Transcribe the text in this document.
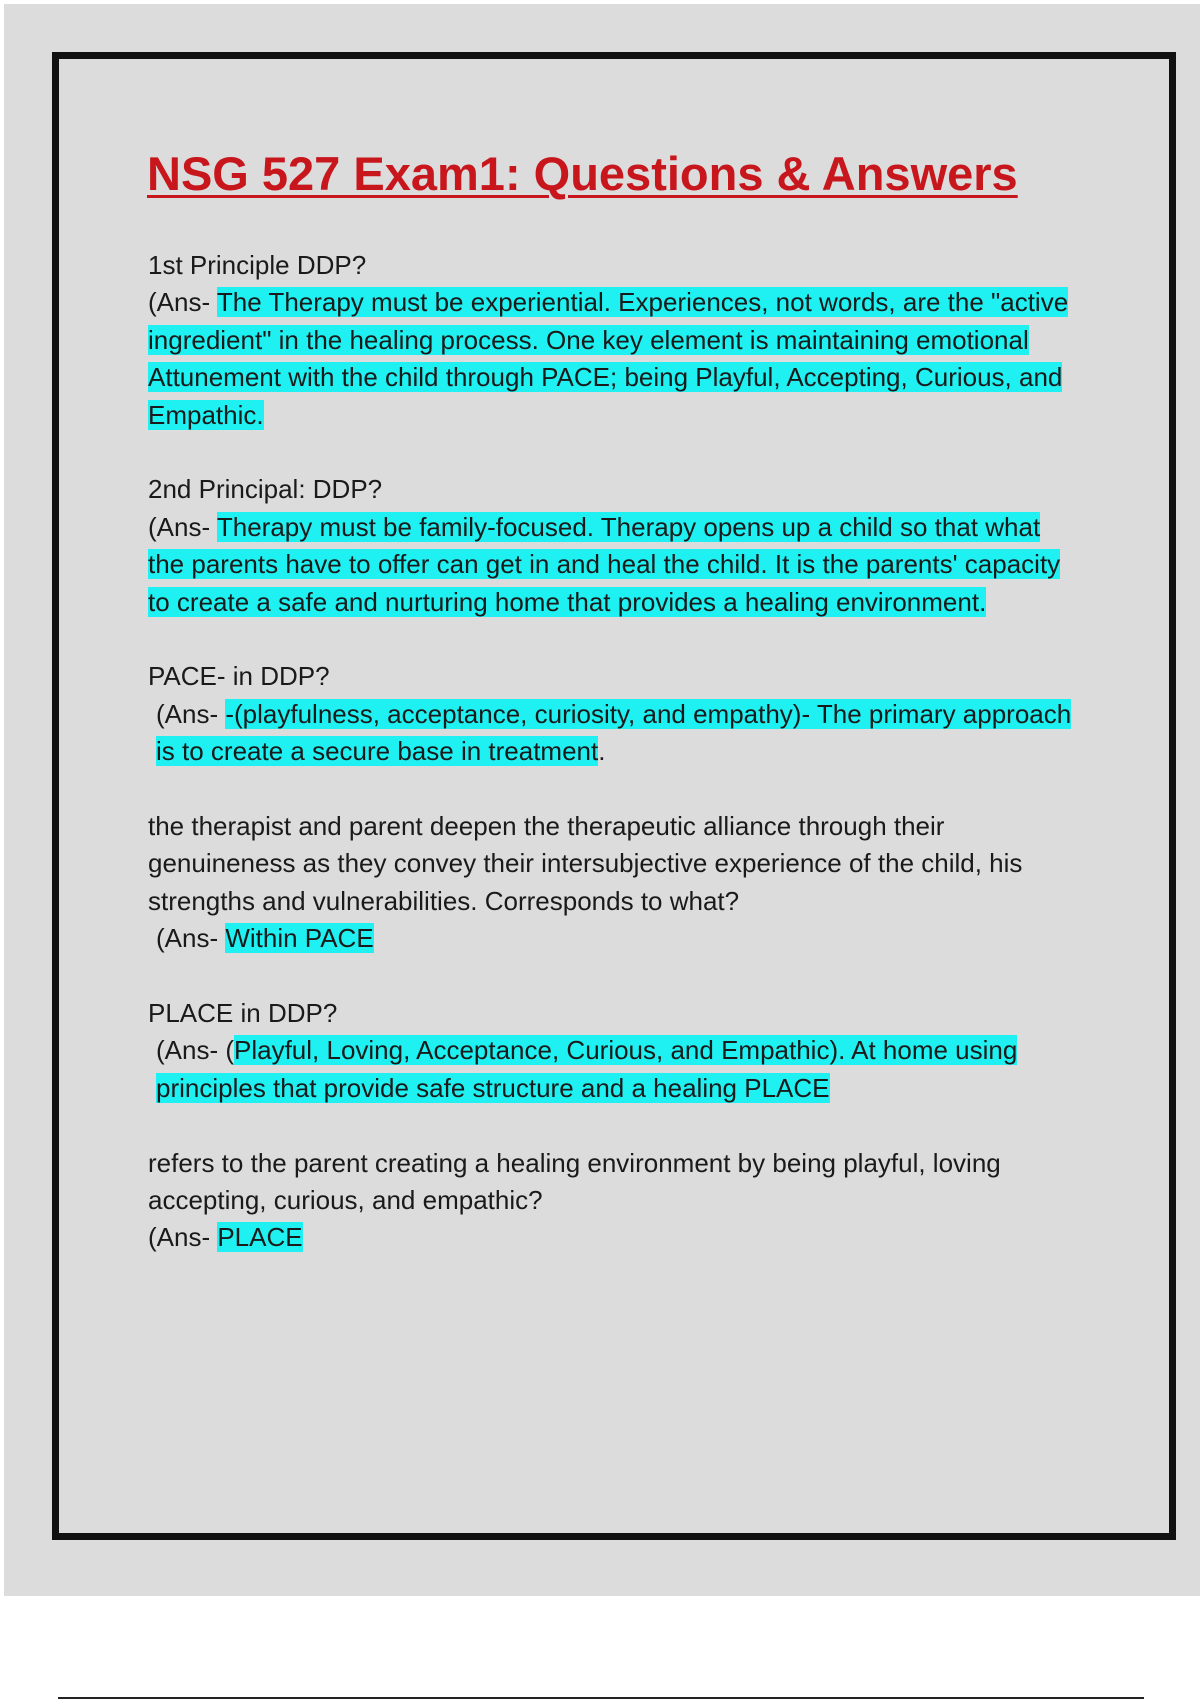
NSG 527 Exam1: Questions & Answers

1st Principle DDP?

(Ans- The Therapy must be experiential. Experiences, not words, are the "active ingredient" in the healing process. One key element is maintaining emotional Attunement with the child through PACE; being Playful, Accepting, Curious, and Empathic.

2nd Principal: DDP?

(Ans- Therapy must be family-focused. Therapy opens up a child so that what the parents have to offer can get in and heal the child. It is the parents' capacity to create a safe and nurturing home that provides a healing environment.

PACE- in DDP?

(Ans- -(playfulness, acceptance, curiosity, and empathy)- The primary approach is to create a secure base in treatment.

the therapist and parent deepen the therapeutic alliance through their genuineness as they convey their intersubjective experience of the child, his strengths and vulnerabilities. Corresponds to what?

(Ans- Within PACE

PLACE in DDP?

(Ans- (Playful, Loving, Acceptance, Curious, and Empathic). At home using principles that provide safe structure and a healing PLACE

refers to the parent creating a healing environment by being playful, loving accepting, curious, and empathic?

(Ans- PLACE
